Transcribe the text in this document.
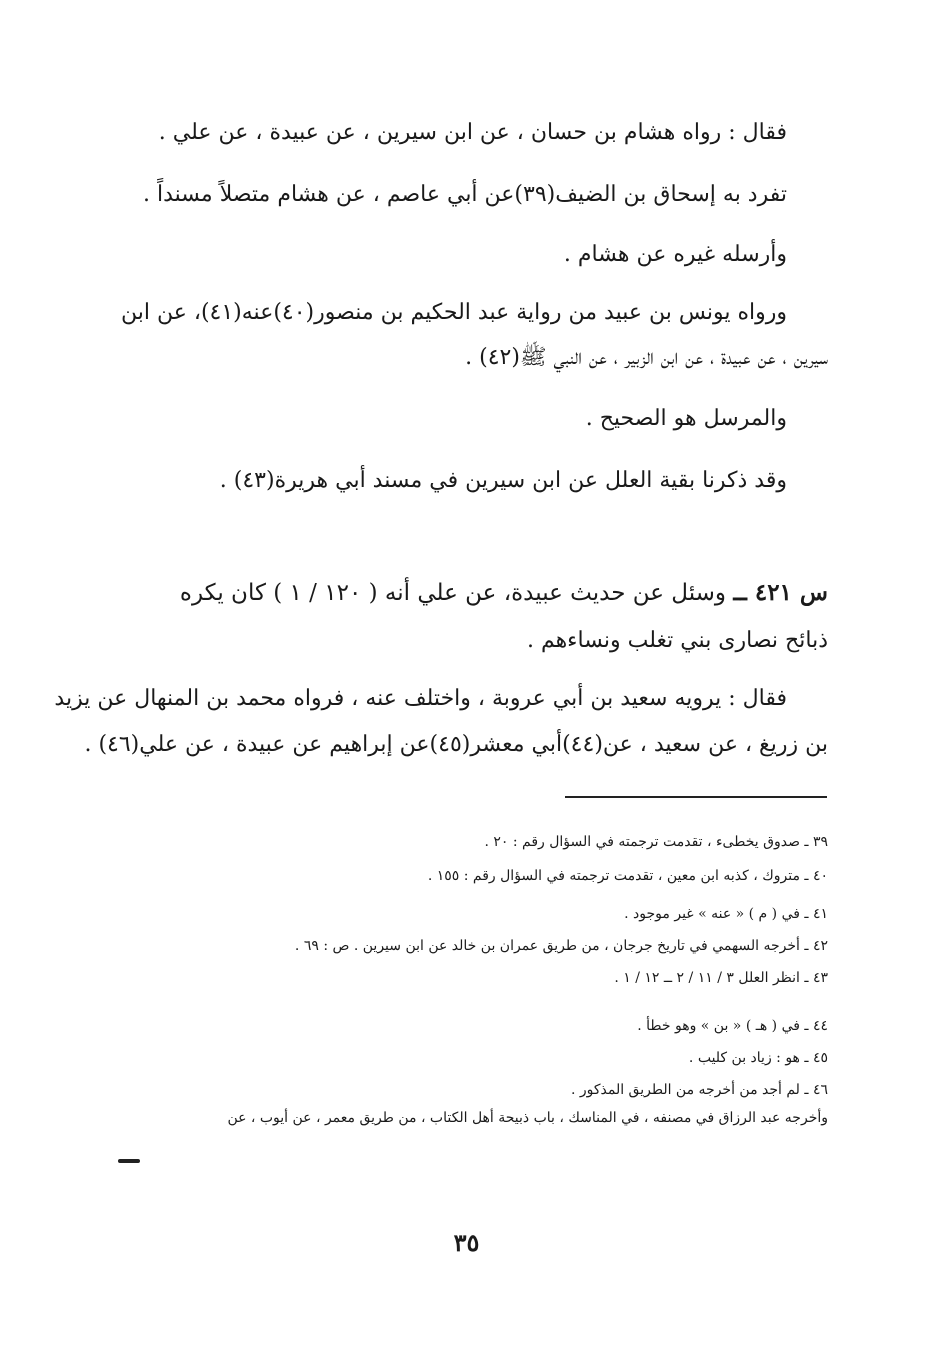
فقال : رواه هشام بن حسان ، عن ابن سيرين ، عن عبيدة ، عن علي .
تفرد به إسحاق بن الضيف(٣٩)عن أبي عاصم ، عن هشام متصلاً مسنداً .
وأرسله غيره عن هشام .
ورواه يونس بن عبيد من رواية عبد الحكيم بن منصور(٤٠)عنه(٤١)، عن ابن
سيرين ، عن عبيدة ، عن ابن الزبير ، عن النبي ﷺ(٤٢) .
والمرسل هو الصحيح .
وقد ذكرنا بقية العلل عن ابن سيرين في مسند أبي هريرة(٤٣) .
س ٤٢١ ــ وسئل عن حديث عبيدة، عن علي أنه ( ١٢٠ / ١ ) كان يكره
ذبائح نصارى بني تغلب ونساءهم .
فقال : يرويه سعيد بن أبي عروبة ، واختلف عنه ، فرواه محمد بن المنهال عن يزيد
بن زريغ ، عن سعيد ، عن(٤٤)أبي معشر(٤٥)عن إبراهيم عن عبيدة ، عن علي(٤٦) .
٣٩ ـ صدوق يخطىء ، تقدمت ترجمته في السؤال رقم : ٢٠ .
٤٠ ـ متروك ، كذبه ابن معين ، تقدمت ترجمته في السؤال رقم : ١٥٥ .
٤١ ـ في ( م ) « عنه » غير موجود .
٤٢ ـ أخرجه السهمي في تاريخ جرجان ، من طريق عمران بن خالد عن ابن سيرين . ص : ٦٩ .
٤٣ ـ انظر العلل ٣ / ١١ / ٢ ــ ١٢ / ١ .
٤٤ ـ في ( هـ ) « بن » وهو خطأ .
٤٥ ـ هو : زياد بن كليب .
٤٦ ـ لم أجد من أخرجه من الطريق المذكور .
وأخرجه عبد الرزاق في مصنفه ، في المناسك ، باب ذبيحة أهل الكتاب ، من طريق معمر ، عن أيوب ، عن
٣٥
